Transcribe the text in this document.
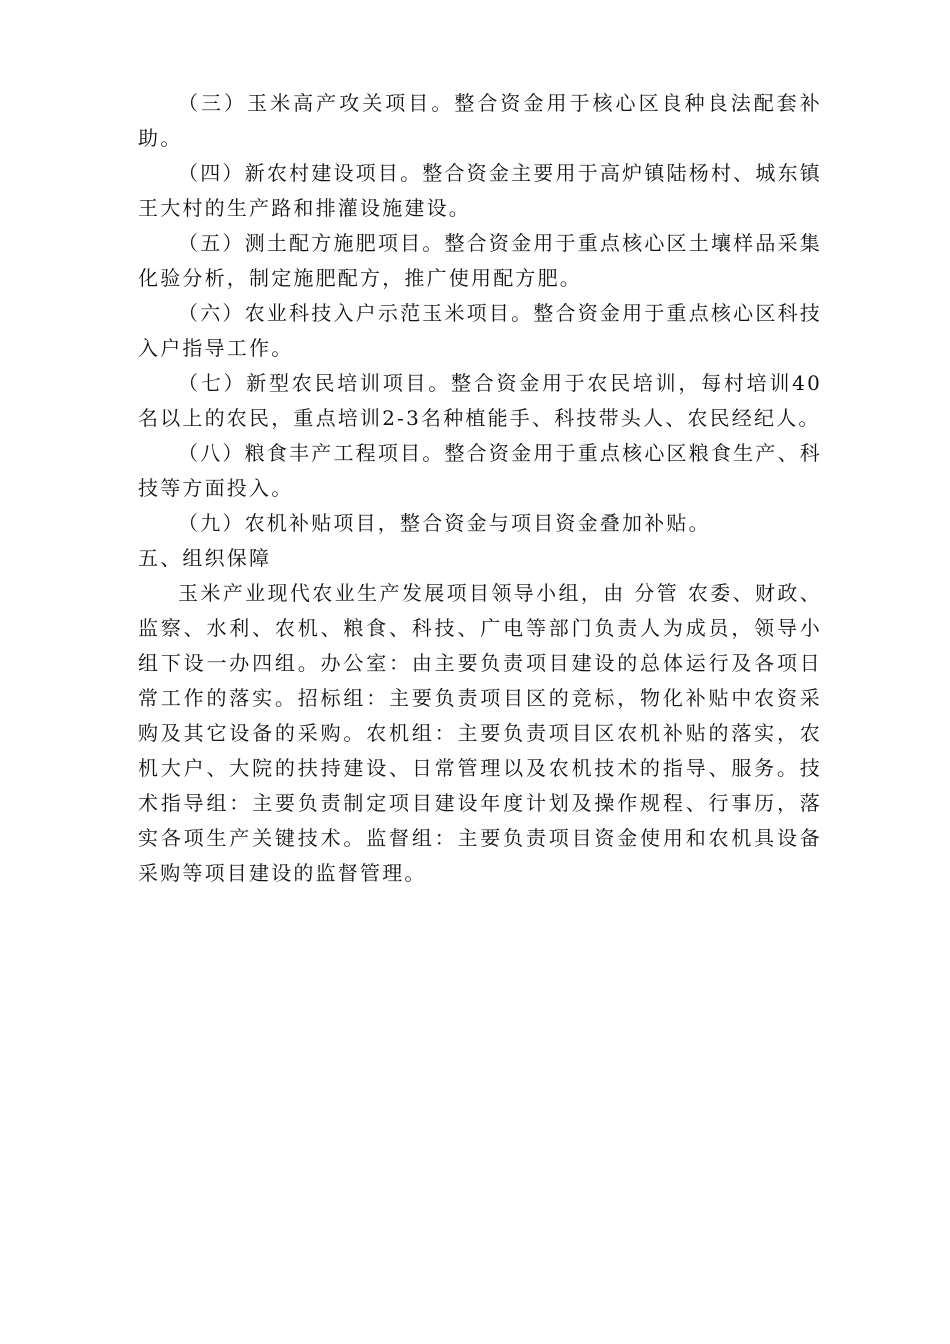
（三）玉米高产攻关项目。整合资金用于核心区良种良法配套补助。

（四）新农村建设项目。整合资金主要用于高炉镇陆杨村、城东镇王大村的生产路和排灌设施建设。

（五）测土配方施肥项目。整合资金用于重点核心区土壤样品采集化验分析，制定施肥配方，推广使用配方肥。

（六）农业科技入户示范玉米项目。整合资金用于重点核心区科技入户指导工作。

（七）新型农民培训项目。整合资金用于农民培训，每村培训40名以上的农民，重点培训2-3名种植能手、科技带头人、农民经纪人。

（八）粮食丰产工程项目。整合资金用于重点核心区粮食生产、科技等方面投入。

（九）农机补贴项目，整合资金与项目资金叠加补贴。

五、组织保障

玉米产业现代农业生产发展项目领导小组，由 分管 农委、财政、监察、水利、农机、粮食、科技、广电等部门负责人为成员，领导小组下设一办四组。办公室：由主要负责项目建设的总体运行及各项日常工作的落实。招标组：主要负责项目区的竞标，物化补贴中农资采购及其它设备的采购。农机组：主要负责项目区农机补贴的落实，农机大户、大院的扶持建设、日常管理以及农机技术的指导、服务。技术指导组：主要负责制定项目建设年度计划及操作规程、行事历，落实各项生产关键技术。监督组：主要负责项目资金使用和农机具设备采购等项目建设的监督管理。
